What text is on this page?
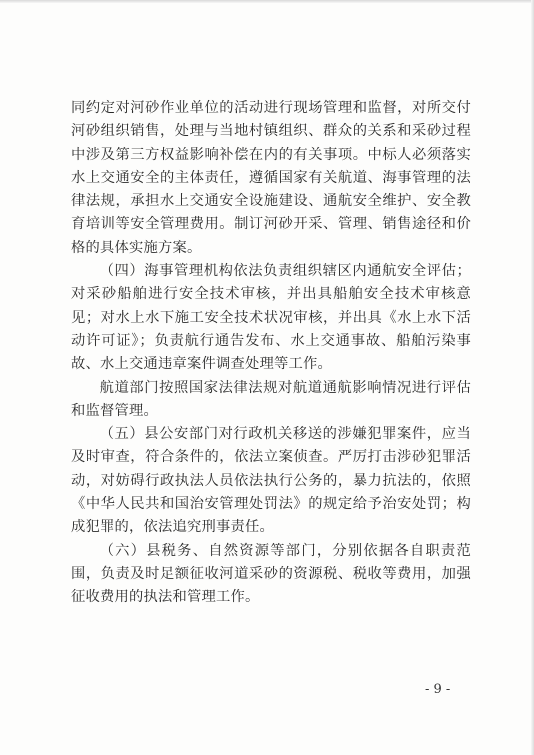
同约定对河砂作业单位的活动进行现场管理和监督，对所交付河砂组织销售，处理与当地村镇组织、群众的关系和采砂过程中涉及第三方权益影响补偿在内的有关事项。中标人必须落实水上交通安全的主体责任，遵循国家有关航道、海事管理的法律法规，承担水上交通安全设施建设、通航安全维护、安全教育培训等安全管理费用。制订河砂开采、管理、销售途径和价格的具体实施方案。

（四）海事管理机构依法负责组织辖区内通航安全评估；对采砂船舶进行安全技术审核，并出具船舶安全技术审核意见；对水上水下施工安全技术状况审核，并出具《水上水下活动许可证》；负责航行通告发布、水上交通事故、船舶污染事故、水上交通违章案件调查处理等工作。

航道部门按照国家法律法规对航道通航影响情况进行评估和监督管理。

（五）县公安部门对行政机关移送的涉嫌犯罪案件，应当及时审查，符合条件的，依法立案侦查。严厉打击涉砂犯罪活动，对妨碍行政执法人员依法执行公务的，暴力抗法的，依照《中华人民共和国治安管理处罚法》的规定给予治安处罚；构成犯罪的，依法追究刑事责任。

（六）县税务、自然资源等部门，分别依据各自职责范围，负责及时足额征收河道采砂的资源税、税收等费用，加强征收费用的执法和管理工作。

- 9 -
